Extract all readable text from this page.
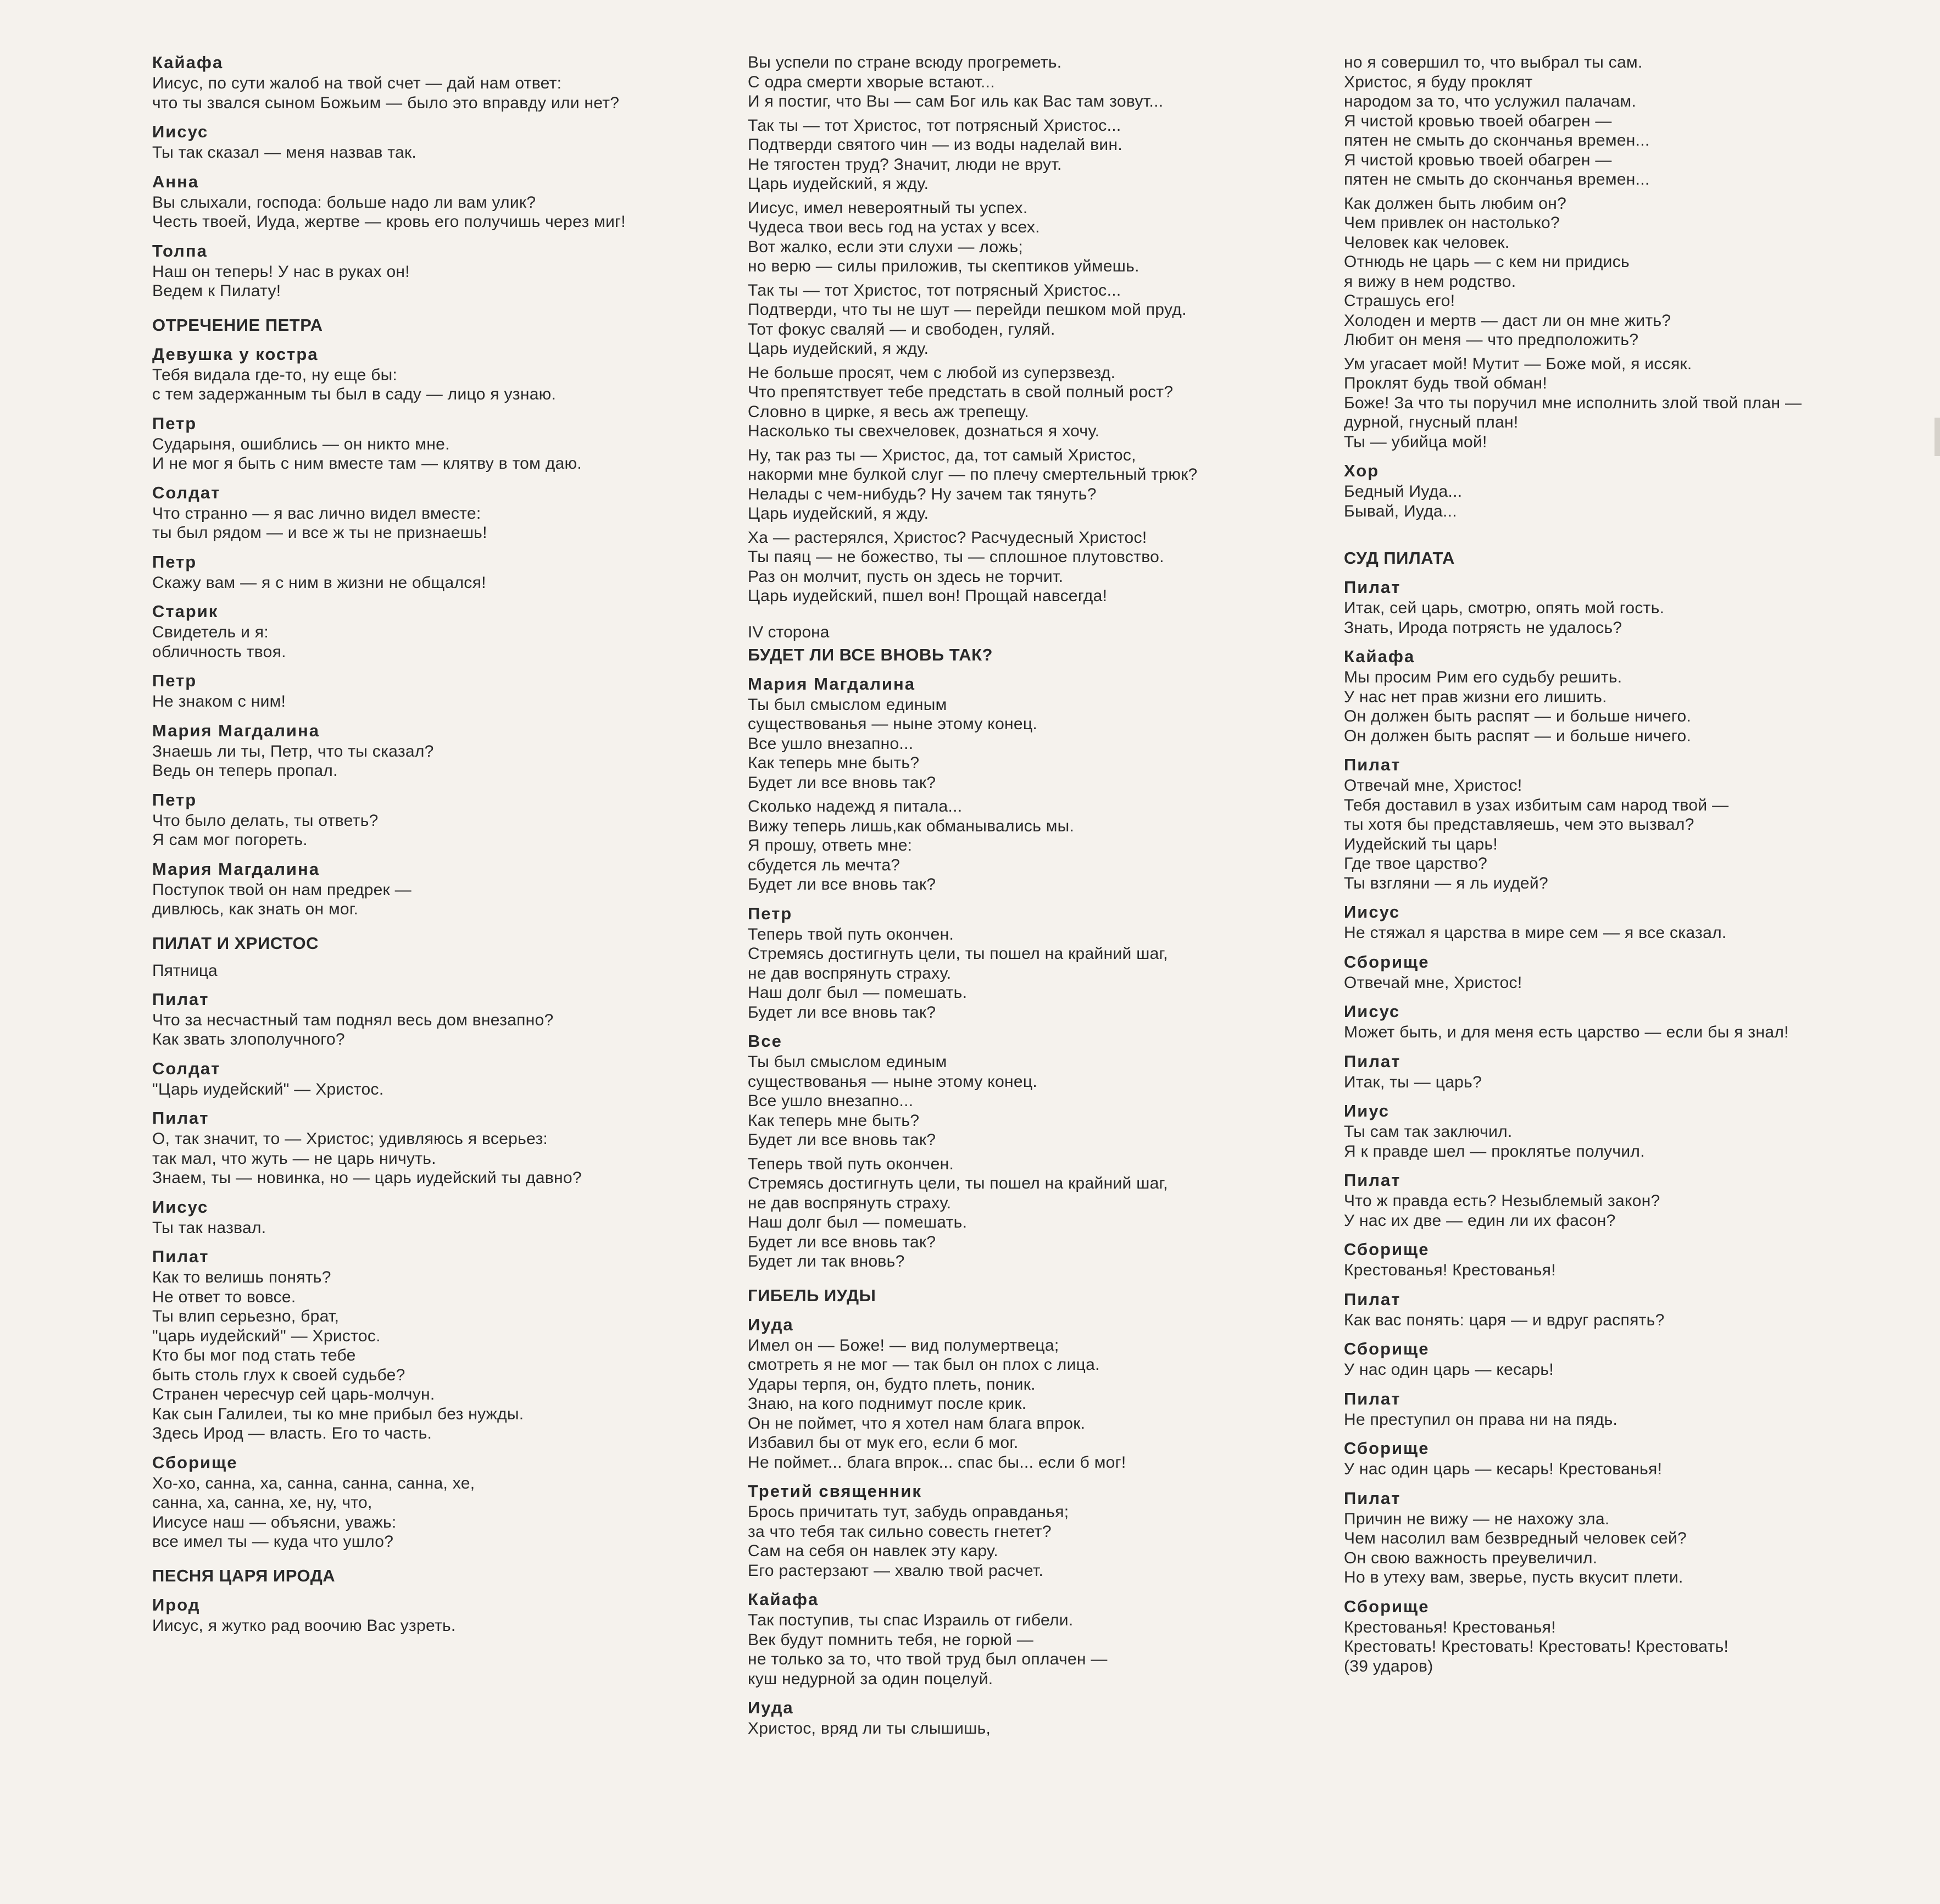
Кайафа
Иисус, по сути жалоб на твой счет — дай нам ответ:
что ты звался сыном Божьим — было это вправду или нет?
Иисус
Ты так сказал — меня назвав так.
Анна
Вы слыхали, господа: больше надо ли вам улик?
Честь твоей, Иуда, жертве — кровь его получишь через миг!
Толпа
Наш он теперь! У нас в руках он!
Ведем к Пилату!
ОТРЕЧЕНИЕ ПЕТРА
Девушка у костра
Тебя видала где-то, ну еще бы:
с тем задержанным ты был в саду — лицо я узнаю.
Петр
Сударыня, ошиблись — он никто мне.
И не мог я быть с ним вместе там — клятву в том даю.
Солдат
Что странно — я вас лично видел вместе:
ты был рядом — и все ж ты не признаешь!
Петр
Скажу вам — я с ним в жизни не общался!
Старик
Свидетель и я:
обличность твоя.
Петр
Не знаком с ним!
Мария Магдалина
Знаешь ли ты, Петр, что ты сказал?
Ведь он теперь пропал.
Петр
Что было делать, ты ответь?
Я сам мог погореть.
Мария Магдалина
Поступок твой он нам предрек —
дивлюсь, как знать он мог.
ПИЛАТ И ХРИСТОС
Пятница
Пилат
Что за несчастный там поднял весь дом внезапно?
Как звать злополучного?
Солдат
"Царь иудейский" — Христос.
Пилат
О, так значит, то — Христос; удивляюсь я всерьез:
так мал, что жуть — не царь ничуть.
Знаем, ты — новинка, но — царь иудейский ты давно?
Иисус
Ты так назвал.
Пилат
Как то велишь понять?
Не ответ то вовсе.
Ты влип серьезно, брат,
"царь иудейский" — Христос.
Кто бы мог под стать тебе
быть столь глух к своей судьбе?
Странен чересчур сей царь-молчун.
Как сын Галилеи, ты ко мне прибыл без нужды.
Здесь Ирод — власть. Его то часть.
Сборище
Хо-хо, санна, ха, санна, санна, санна, хе,
санна, ха, санна, хе, ну, что,
Иисусе наш — объясни, уважь:
все имел ты — куда что ушло?
ПЕСНЯ ЦАРЯ ИРОДА
Ирод
Иисус, я жутко рад воочию Вас узреть.
Вы успели по стране всюду прогреметь.
С одра смерти хворые встают...
И я постиг, что Вы — сам Бог иль как Вас там зовут...
Так ты — тот Христос, тот потрясный Христос...
Подтверди святого чин — из воды наделай вин.
Не тягостен труд? Значит, люди не врут.
Царь иудейский, я жду.
Иисус, имел невероятный ты успех.
Чудеса твои весь год на устах у всех.
Вот жалко, если эти слухи — ложь;
но верю — силы приложив, ты скептиков уймешь.
Так ты — тот Христос, тот потрясный Христос...
Подтверди, что ты не шут — перейди пешком мой пруд.
Тот фокус сваляй — и свободен, гуляй.
Царь иудейский, я жду.
Не больше просят, чем с любой из суперзвезд.
Что препятствует тебе предстать в свой полный рост?
Словно в цирке, я весь аж трепещу.
Насколько ты свехчеловек, дознаться я хочу.
Ну, так раз ты — Христос, да, тот самый Христос,
накорми мне булкой слуг — по плечу смертельный трюк?
Нелады с чем-нибудь? Ну зачем так тянуть?
Царь иудейский, я жду.
Ха — растерялся, Христос? Расчудесный Христос!
Ты паяц — не божество, ты — сплошное плутовство.
Раз он молчит, пусть он здесь не торчит.
Царь иудейский, пшел вон! Прощай навсегда!
IV сторона
БУДЕТ ЛИ ВСЕ ВНОВЬ ТАК?
Мария Магдалина
Ты был смыслом единым
существованья — ныне этому конец.
Все ушло внезапно...
Как теперь мне быть?
Будет ли все вновь так?
Сколько надежд я питала...
Вижу теперь лишь,как обманывались мы.
Я прошу, ответь мне:
сбудется ль мечта?
Будет ли все вновь так?
Петр
Теперь твой путь окончен.
Стремясь достигнуть цели, ты пошел на крайний шаг,
не дав воспрянуть страху.
Наш долг был — помешать.
Будет ли все вновь так?
Все
Ты был смыслом единым
существованья — ныне этому конец.
Все ушло внезапно...
Как теперь мне быть?
Будет ли все вновь так?
Теперь твой путь окончен.
Стремясь достигнуть цели, ты пошел на крайний шаг,
не дав воспрянуть страху.
Наш долг был — помешать.
Будет ли все вновь так?
Будет ли так вновь?
ГИБЕЛЬ ИУДЫ
Иуда
Имел он — Боже! — вид полумертвеца;
смотреть я не мог — так был он плох с лица.
Удары терпя, он, будто плеть, поник.
Знаю, на кого поднимут после крик.
Он не поймет, что я хотел нам блага впрок.
Избавил бы от мук его, если б мог.
Не поймет... блага впрок... спас бы... если б мог!
Третий священник
Брось причитать тут, забудь оправданья;
за что тебя так сильно совесть гнетет?
Сам на себя он навлек эту кару.
Его растерзают — хвалю твой расчет.
Кайафа
Так поступив, ты спас Израиль от гибели.
Век будут помнить тебя, не горюй —
не только за то, что твой труд был оплачен —
куш недурной за один поцелуй.
Иуда
Христос, вряд ли ты слышишь,
но я совершил то, что выбрал ты сам.
Христос, я буду проклят
народом за то, что услужил палачам.
Я чистой кровью твоей обагрен —
пятен не смыть до скончанья времен...
Я чистой кровью твоей обагрен —
пятен не смыть до скончанья времен...
Как должен быть любим он?
Чем привлек он настолько?
Человек как человек.
Отнюдь не царь — с кем ни придись
я вижу в нем родство.
Страшусь его!
Холоден и мертв — даст ли он мне жить?
Любит он меня — что предположить?
Ум угасает мой! Мутит — Боже мой, я иссяк.
Проклят будь твой обман!
Боже! За что ты поручил мне исполнить злой твой план —
дурной, гнусный план!
Ты — убийца мой!
Хор
Бедный Иуда...
Бывай, Иуда...
СУД ПИЛАТА
Пилат
Итак, сей царь, смотрю, опять мой гость.
Знать, Ирода потрясть не удалось?
Кайафа
Мы просим Рим его судьбу решить.
У нас нет прав жизни его лишить.
Он должен быть распят — и больше ничего.
Он должен быть распят — и больше ничего.
Пилат
Отвечай мне, Христос!
Тебя доставил в узах избитым сам народ твой —
ты хотя бы представляешь, чем это вызвал?
Иудейский ты царь!
Где твое царство?
Ты взгляни — я ль иудей?
Иисус
Не стяжал я царства в мире сем — я все сказал.
Сборище
Отвечай мне, Христос!
Иисус
Может быть, и для меня есть царство — если бы я знал!
Пилат
Итак, ты — царь?
Ииус
Ты сам так заключил.
Я к правде шел — проклятье получил.
Пилат
Что ж правда есть? Незыблемый закон?
У нас их две — един ли их фасон?
Сборище
Крестованья! Крестованья!
Пилат
Как вас понять: царя — и вдруг распять?
Сборище
У нас один царь — кесарь!
Пилат
Не преступил он права ни на пядь.
Сборище
У нас один царь — кесарь! Крестованья!
Пилат
Причин не вижу — не нахожу зла.
Чем насолил вам безвредный человек сей?
Он свою важность преувеличил.
Но в утеху вам, зверье, пусть вкусит плети.
Сборище
Крестованья! Крестованья!
Крестовать! Крестовать! Крестовать! Крестовать!
(39 ударов)
